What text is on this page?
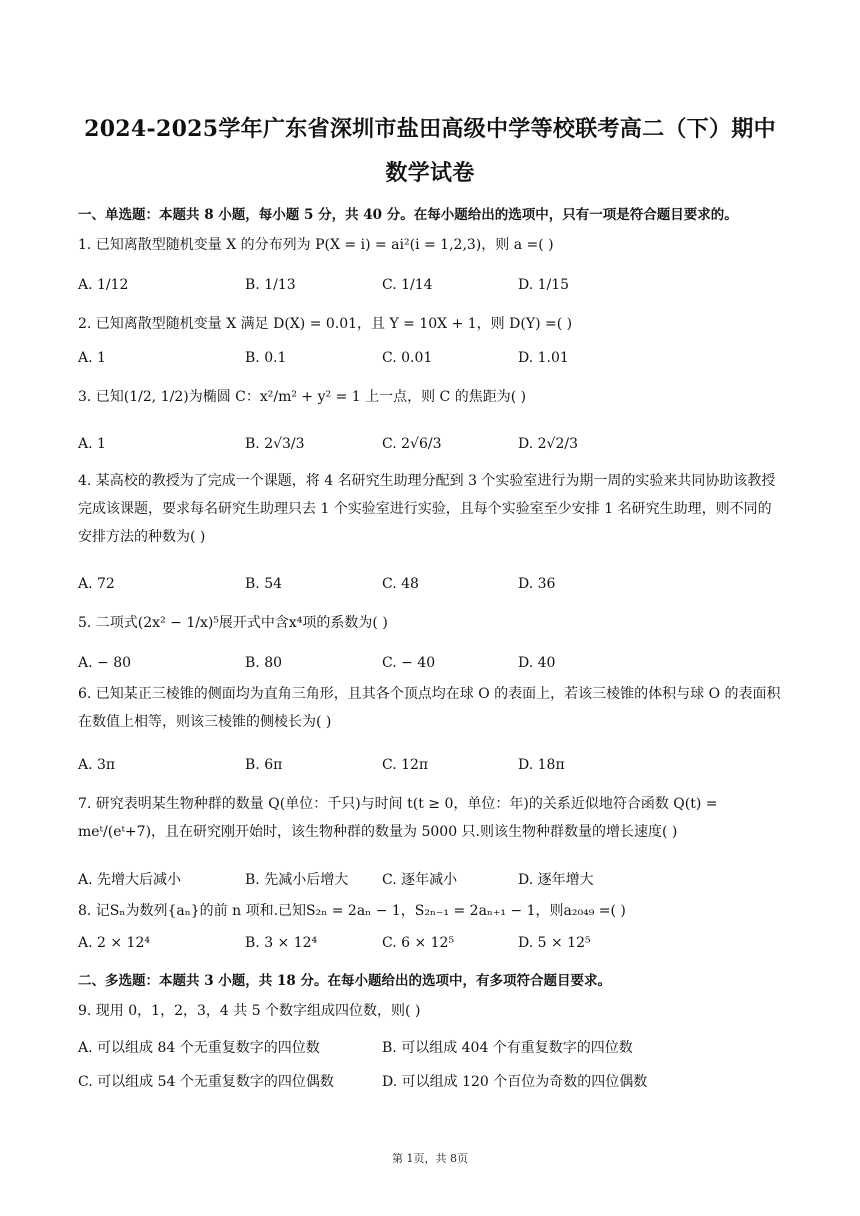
2024-2025学年广东省深圳市盐田高级中学等校联考高二（下）期中
数学试卷
一、单选题：本题共 8 小题，每小题 5 分，共 40 分。在每小题给出的选项中，只有一项是符合题目要求的。
1. 已知离散型随机变量 X 的分布列为 P(X = i) = ai²(i = 1,2,3)，则 a =( )
A. 1/12	B. 1/13	C. 1/14	D. 1/15
2. 已知离散型随机变量 X 满足 D(X) = 0.01，且 Y = 10X + 1，则 D(Y) =( )
A. 1	B. 0.1	C. 0.01	D. 1.01
3. 已知(1/2, 1/2)为椭圆 C：x²/m² + y² = 1 上一点，则 C 的焦距为( )
A. 1	B. 2√3/3	C. 2√6/3	D. 2√2/3
4. 某高校的教授为了完成一个课题，将 4 名研究生助理分配到 3 个实验室进行为期一周的实验来共同协助该教授完成该课题，要求每名研究生助理只去 1 个实验室进行实验，且每个实验室至少安排 1 名研究生助理，则不同的安排方法的种数为( )
A. 72	B. 54	C. 48	D. 36
5. 二项式(2x² − 1/x)⁵展开式中含x⁴项的系数为( )
A. − 80	B. 80	C. − 40	D. 40
6. 已知某正三棱锥的侧面均为直角三角形，且其各个顶点均在球 O 的表面上，若该三棱锥的体积与球 O 的表面积在数值上相等，则该三棱锥的侧棱长为( )
A. 3π	B. 6π	C. 12π	D. 18π
7. 研究表明某生物种群的数量 Q(单位：千只)与时间 t(t ≥ 0，单位：年)的关系近似地符合函数 Q(t) = meᵗ/(eᵗ+7)，且在研究刚开始时，该生物种群的数量为 5000 只.则该生物种群数量的增长速度( )
A. 先增大后减小	B. 先减小后增大 C. 逐年减小	D. 逐年增大
8. 记Sₙ为数列{aₙ}的前 n 项和.已知S₂ₙ = 2aₙ − 1，S₂ₙ₋₁ = 2aₙ₊₁ − 1，则a₂₀₄₉ =( )
A. 2 × 12⁴	B. 3 × 12⁴	C. 6 × 12⁵	D. 5 × 12⁵
二、多选题：本题共 3 小题，共 18 分。在每小题给出的选项中，有多项符合题目要求。
9. 现用 0，1，2，3，4 共 5 个数字组成四位数，则( )
A. 可以组成 84 个无重复数字的四位数	B. 可以组成 404 个有重复数字的四位数
C. 可以组成 54 个无重复数字的四位偶数	D. 可以组成 120 个百位为奇数的四位偶数
第 1页，共 8页
